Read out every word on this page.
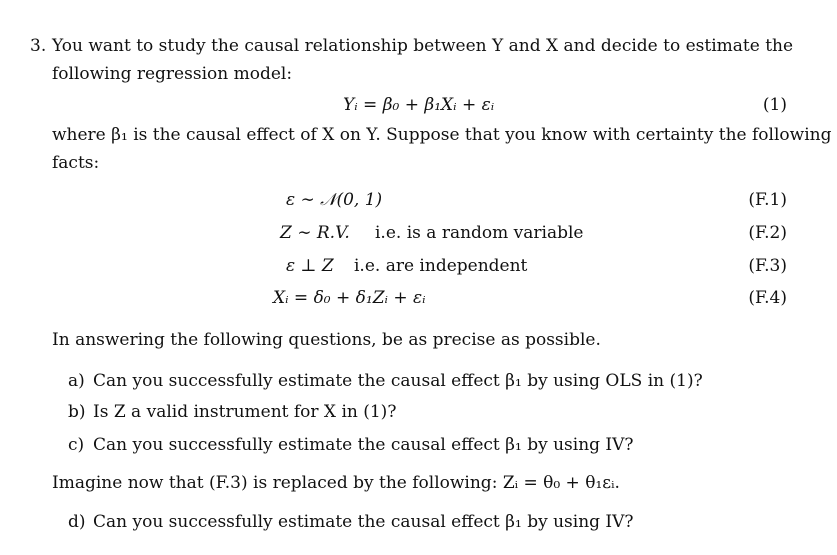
3. You want to study the causal relationship between Y and X and decide to estimate the
following regression model:
Yᵢ = β₀ + β₁Xᵢ + εᵢ	(1)
where β₁ is the causal effect of X on Y. Suppose that you know with certainty the following
facts:
ε ∼ 𝒩(0, 1)	(F.1)
Z ∼ R.V. i.e. is a random variable	(F.2)
ε ⊥ Z i.e. are independent	(F.3)
Xᵢ = δ₀ + δ₁Zᵢ + εᵢ	(F.4)
In answering the following questions, be as precise as possible.
a) Can you successfully estimate the causal effect β₁ by using OLS in (1)?
b) Is Z a valid instrument for X in (1)?
c) Can you successfully estimate the causal effect β₁ by using IV?
Imagine now that (F.3) is replaced by the following: Zᵢ = θ₀ + θ₁εᵢ.
d) Can you successfully estimate the causal effect β₁ by using IV?
